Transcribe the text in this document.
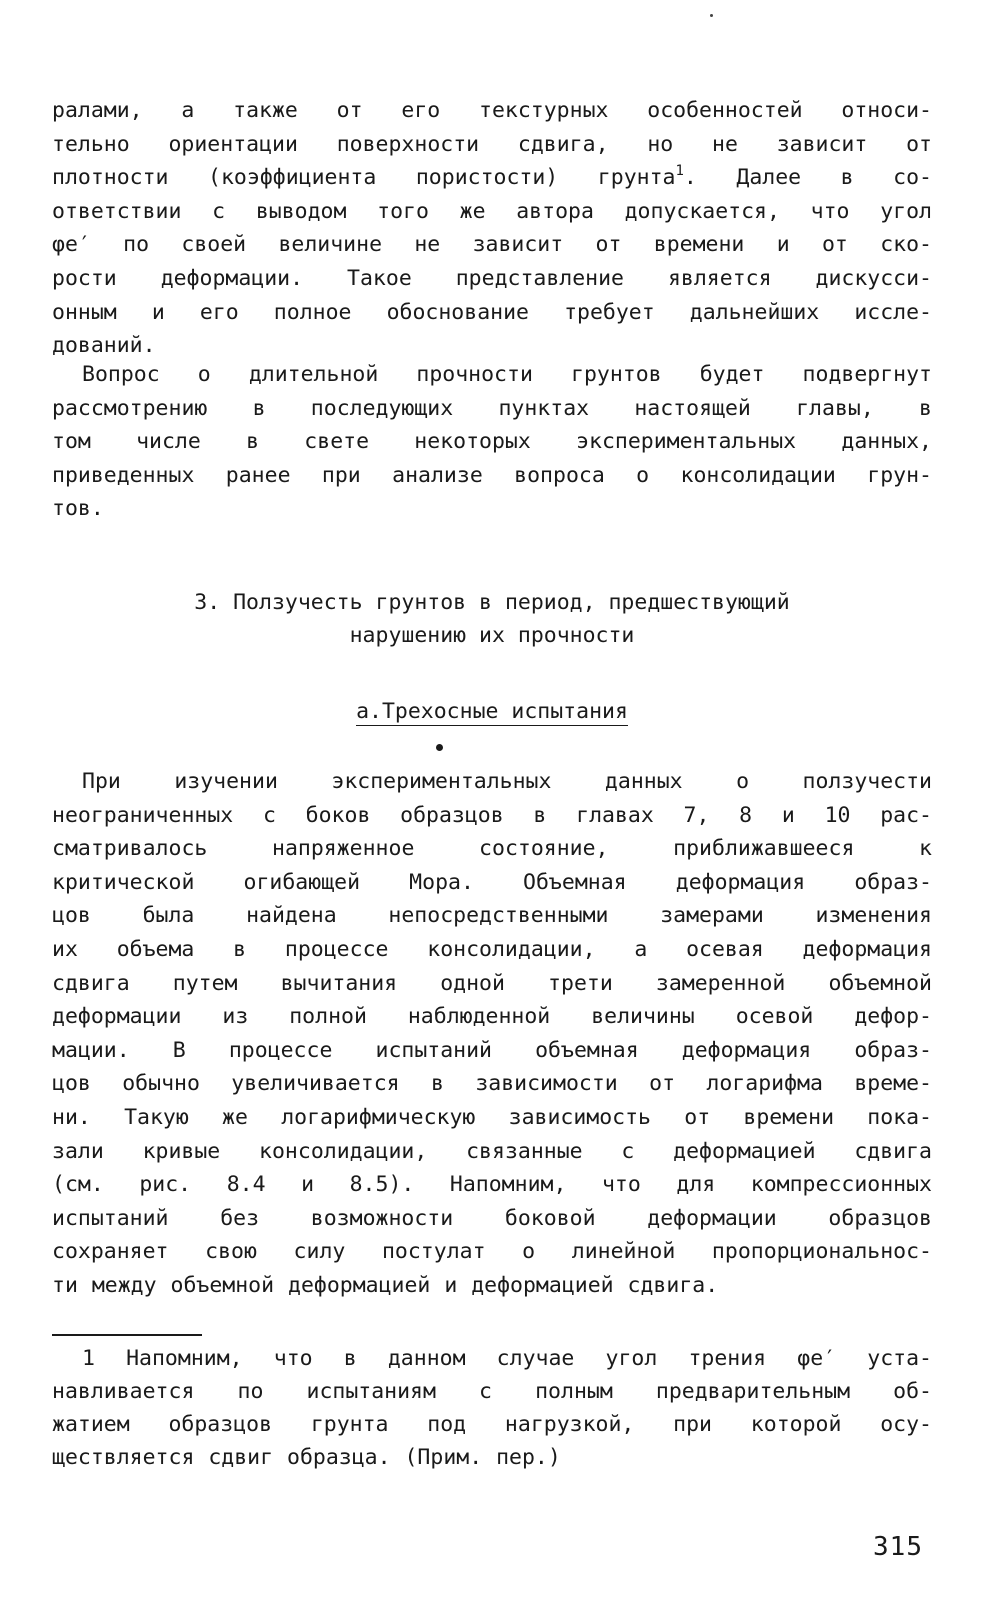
ралами, а также от его текстурных особенностей относи-
тельно ориентации поверхности сдвига, но не зависит от
плотности (коэффициента пористости) грунта$^1$. Далее в со-
ответствии с выводом того же автора допускается, что угол
φe′ по своей величине не зависит от времени и от ско-
рости деформации. Такое представление является дискусси-
онным и его полное обоснование требует дальнейших иссле-
дований.
Вопрос о длительной прочности грунтов будет подвергнут
рассмотрению в последующих пунктах настоящей главы, в
том числе в свете некоторых экспериментальных данных,
приведенных ранее при анализе вопроса о консолидации грун-
тов.
3. Ползучесть грунтов в период, предшествующий
нарушению их прочности
а.Трехосные испытания
При изучении экспериментальных данных о ползучести
неограниченных с боков образцов в главах 7, 8 и 10 рас-
сматривалось напряженное состояние, приближавшееся к
критической огибающей Мора. Объемная деформация образ-
цов была найдена непосредственными замерами изменения
их объема в процессе консолидации, а осевая деформация
сдвига путем вычитания одной трети замеренной объемной
деформации из полной наблюденной величины осевой дефор-
мации. В процессе испытаний объемная деформация образ-
цов обычно увеличивается в зависимости от логарифма време-
ни. Такую же логарифмическую зависимость от времени пока-
зали кривые консолидации, связанные с деформацией сдвига
(см. рис. 8.4 и 8.5). Напомним, что для компрессионных
испытаний без возможности боковой деформации образцов
сохраняет свою силу постулат о линейной пропорциональнос-
ти между объемной деформацией и деформацией сдвига.
1 Напомним, что в данном случае угол трения φe′ уста-
навливается по испытаниям с полным предварительным об-
жатием образцов грунта под нагрузкой, при которой осу-
ществляется сдвиг образца. (Прим. пер.)
315
